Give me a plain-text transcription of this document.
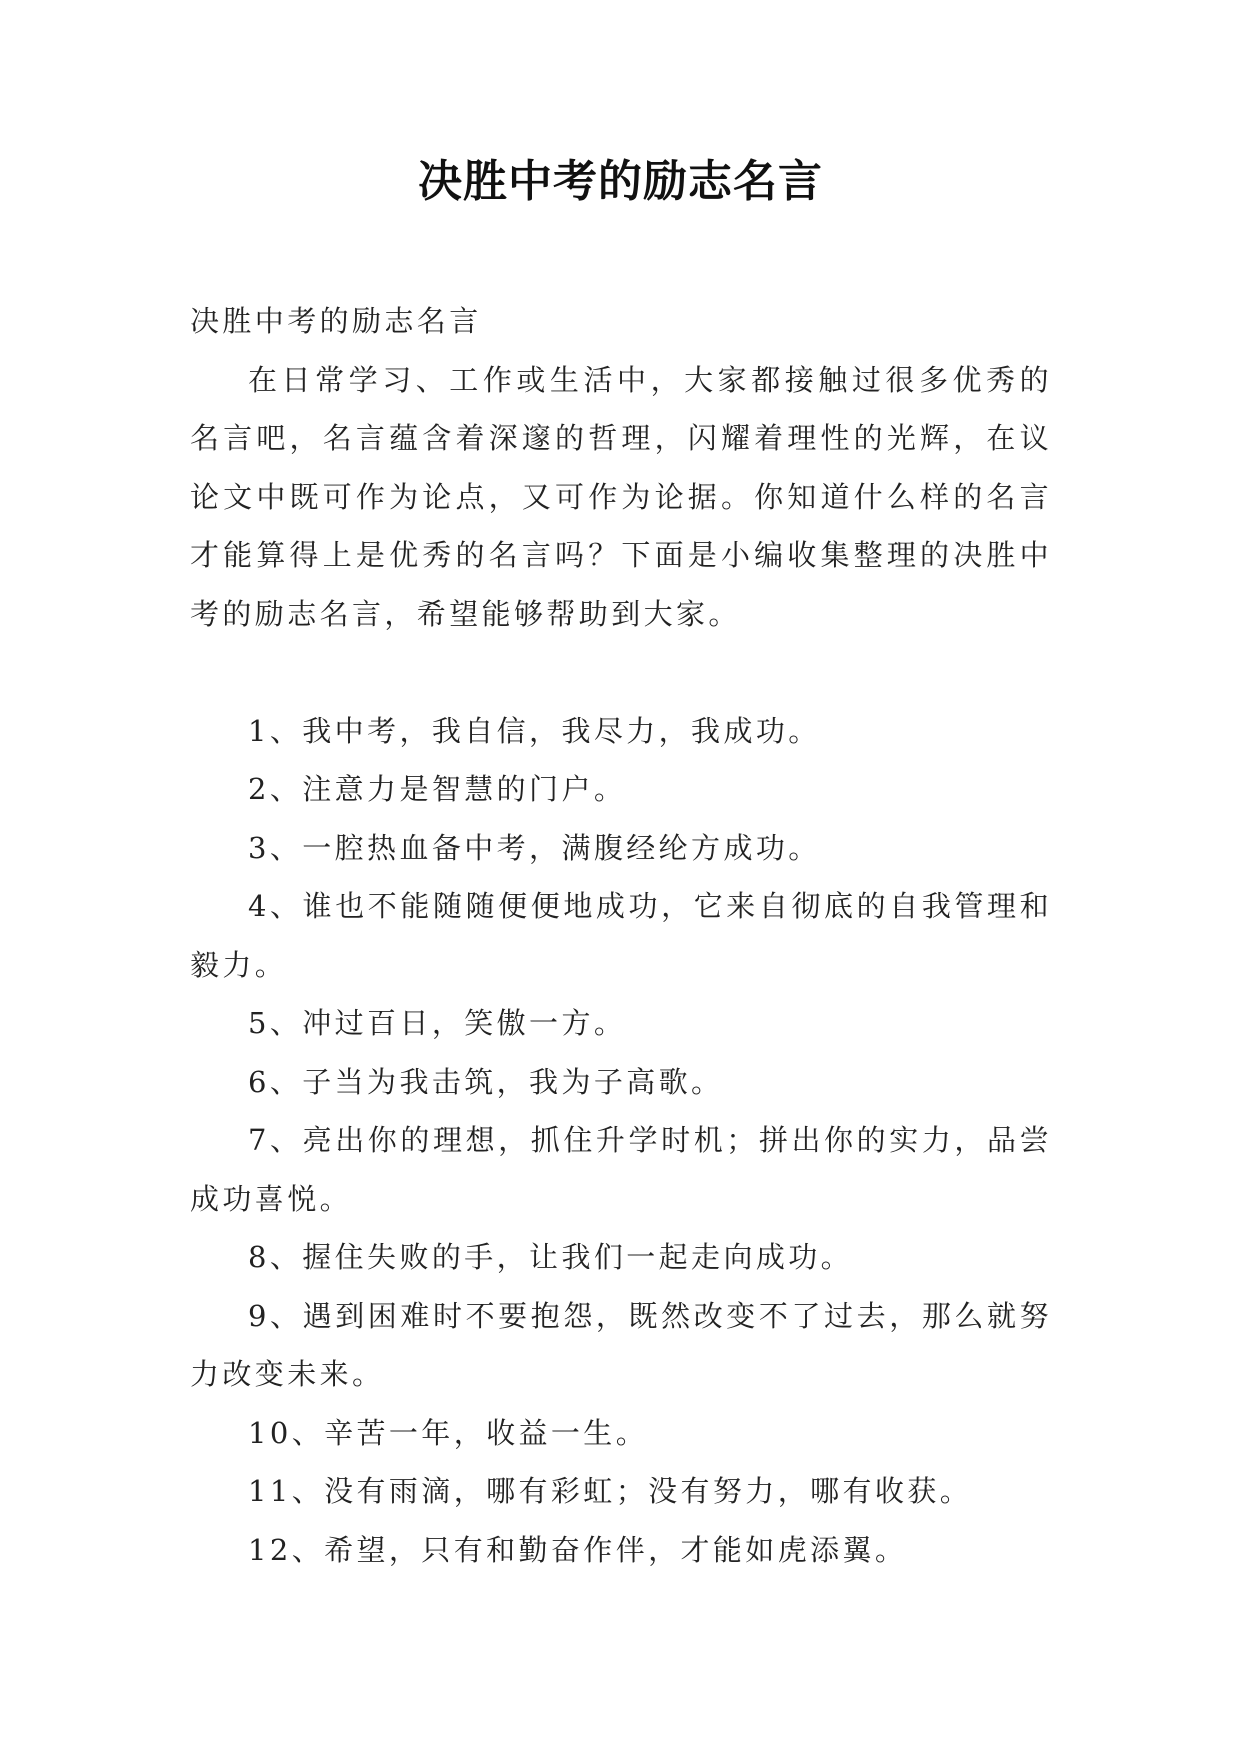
决胜中考的励志名言

决胜中考的励志名言

在日常学习、工作或生活中，大家都接触过很多优秀的名言吧，名言蕴含着深邃的哲理，闪耀着理性的光辉，在议论文中既可作为论点，又可作为论据。你知道什么样的名言才能算得上是优秀的名言吗？下面是小编收集整理的决胜中考的励志名言，希望能够帮助到大家。

1、我中考，我自信，我尽力，我成功。

2、注意力是智慧的门户。

3、一腔热血备中考，满腹经纶方成功。

4、谁也不能随随便便地成功，它来自彻底的自我管理和毅力。

5、冲过百日，笑傲一方。

6、子当为我击筑，我为子高歌。

7、亮出你的理想，抓住升学时机；拼出你的实力，品尝成功喜悦。

8、握住失败的手，让我们一起走向成功。

9、遇到困难时不要抱怨，既然改变不了过去，那么就努力改变未来。

10、辛苦一年，收益一生。

11、没有雨滴，哪有彩虹；没有努力，哪有收获。

12、希望，只有和勤奋作伴，才能如虎添翼。
